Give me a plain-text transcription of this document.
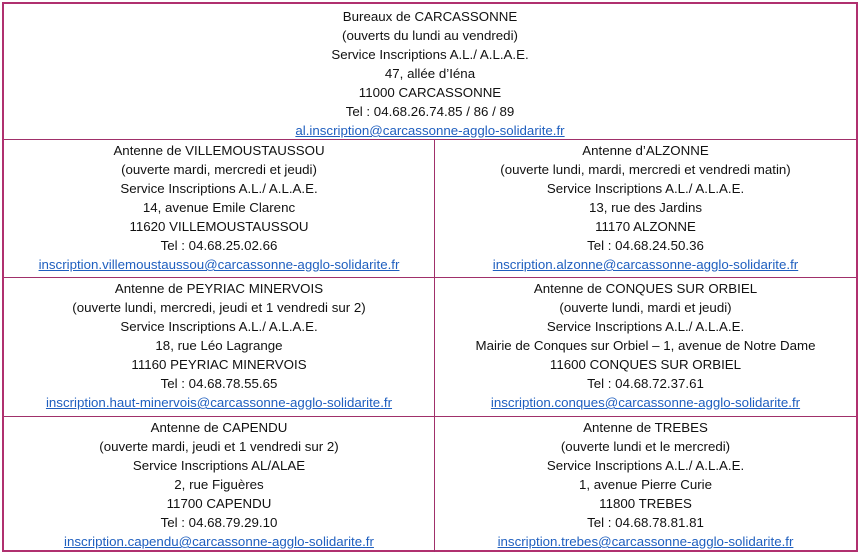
Bureaux de CARCASSONNE
(ouverts du lundi au vendredi)
Service Inscriptions A.L./ A.L.A.E.
47, allée d’Iéna
11000 CARCASSONNE
Tel : 04.68.26.74.85 / 86 / 89
al.inscription@carcassonne-agglo-solidarite.fr
Antenne de VILLEMOUSTAUSSOU
(ouverte mardi, mercredi et jeudi)
Service Inscriptions A.L./ A.L.A.E.
14, avenue Emile Clarenc
11620 VILLEMOUSTAUSSOU
Tel : 04.68.25.02.66
inscription.villemoustaussou@carcassonne-agglo-solidarite.fr
Antenne d’ALZONNE
(ouverte lundi, mardi, mercredi et vendredi matin)
Service Inscriptions A.L./ A.L.A.E.
13, rue des Jardins
11170 ALZONNE
Tel : 04.68.24.50.36
inscription.alzonne@carcassonne-agglo-solidarite.fr
Antenne de PEYRIAC MINERVOIS
(ouverte lundi, mercredi, jeudi et 1 vendredi sur 2)
Service Inscriptions A.L./ A.L.A.E.
18, rue Léo Lagrange
11160 PEYRIAC MINERVOIS
Tel : 04.68.78.55.65
inscription.haut-minervois@carcassonne-agglo-solidarite.fr
Antenne de CONQUES SUR ORBIEL
(ouverte lundi, mardi et jeudi)
Service Inscriptions A.L./ A.L.A.E.
Mairie de Conques sur Orbiel – 1, avenue de Notre Dame
11600 CONQUES SUR ORBIEL
Tel : 04.68.72.37.61
inscription.conques@carcassonne-agglo-solidarite.fr
Antenne de CAPENDU
(ouverte mardi, jeudi et 1 vendredi sur 2)
Service Inscriptions AL/ALAE
2, rue Figuères
11700 CAPENDU
Tel : 04.68.79.29.10
inscription.capendu@carcassonne-agglo-solidarite.fr
Antenne de TREBES
(ouverte lundi et le mercredi)
Service Inscriptions A.L./ A.L.A.E.
1, avenue Pierre Curie
11800 TREBES
Tel : 04.68.78.81.81
inscription.trebes@carcassonne-agglo-solidarite.fr
